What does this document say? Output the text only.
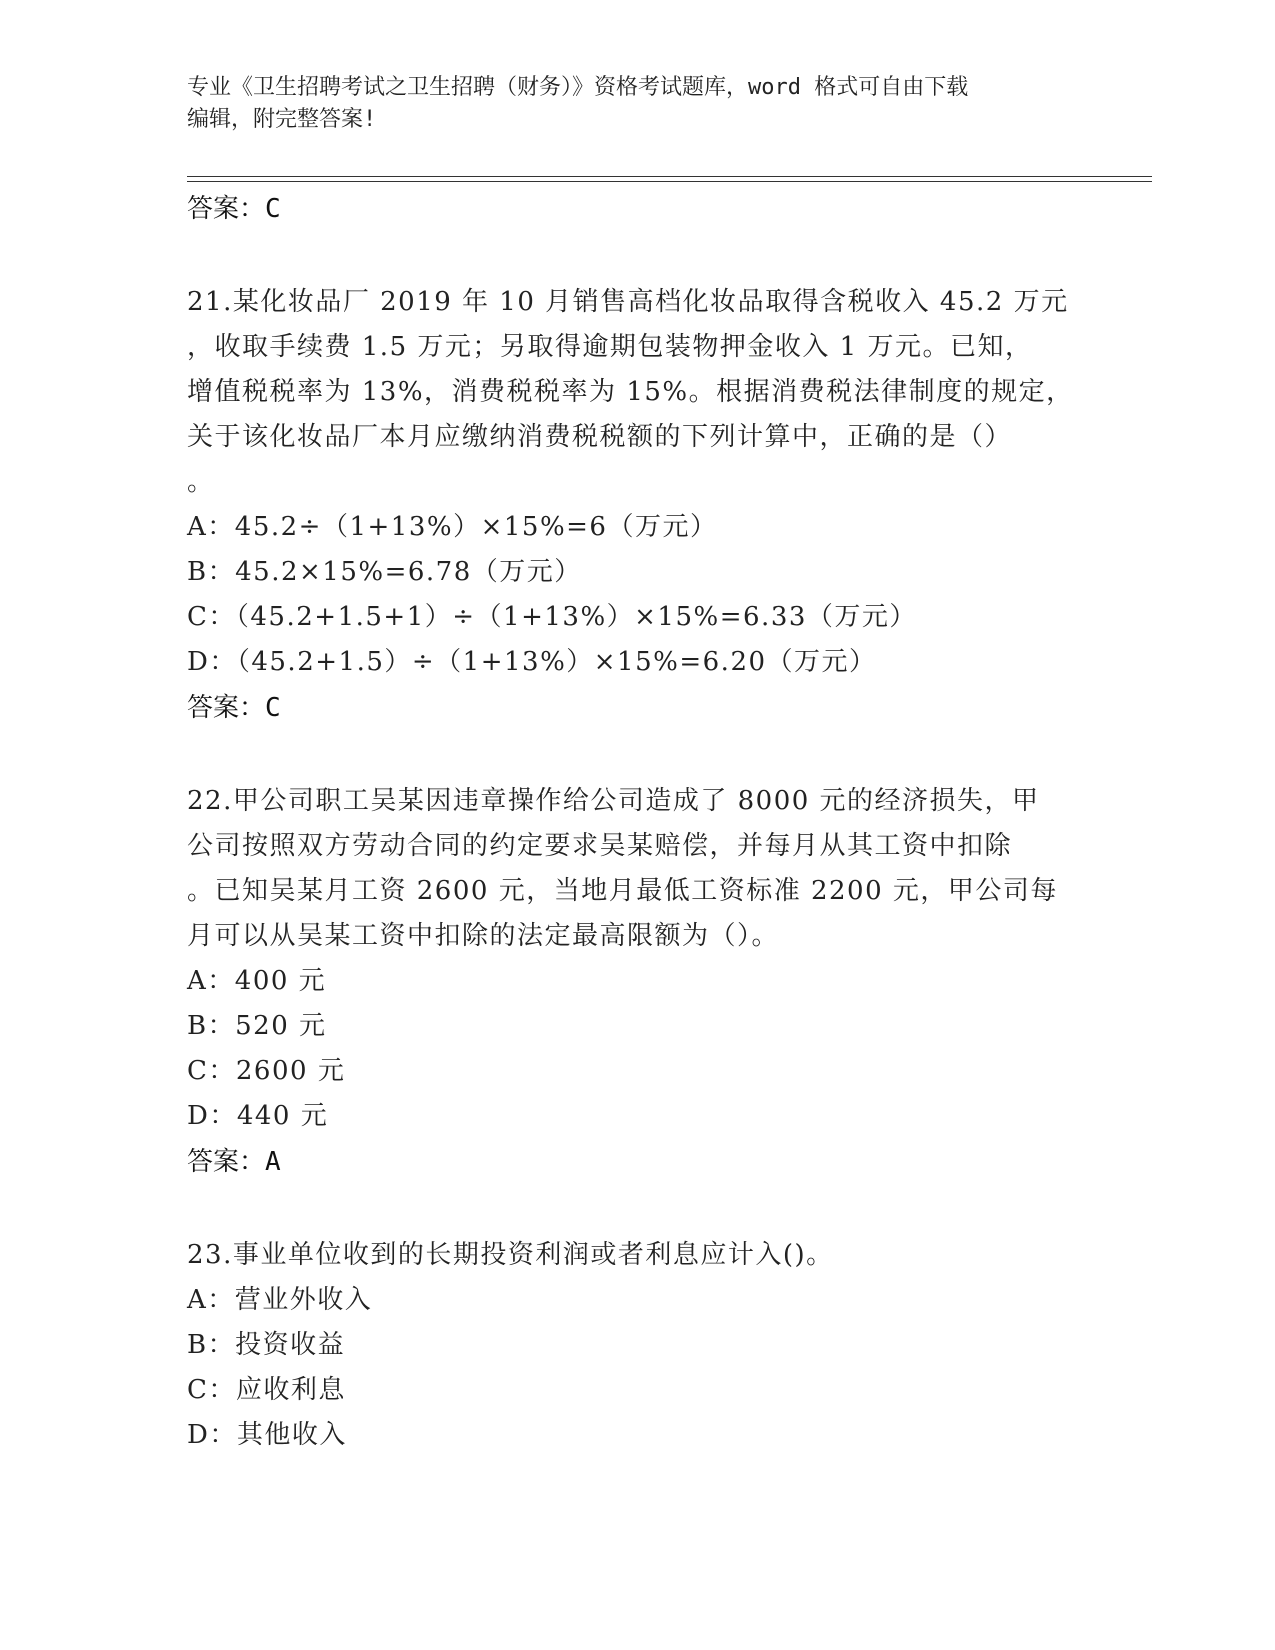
专业《卫生招聘考试之卫生招聘（财务）》资格考试题库，word 格式可自由下载
编辑，附完整答案!
答案：C
21.某化妆品厂 2019 年 10 月销售高档化妆品取得含税收入 45.2 万元
，收取手续费 1.5 万元；另取得逾期包装物押金收入 1 万元。已知，
增值税税率为 13%，消费税税率为 15%。根据消费税法律制度的规定，
关于该化妆品厂本月应缴纳消费税税额的下列计算中，正确的是（）
。
A：45.2÷（1+13%）×15%=6（万元）
B：45.2×15%=6.78（万元）
C：（45.2+1.5+1）÷（1+13%）×15%=6.33（万元）
D：（45.2+1.5）÷（1+13%）×15%=6.20（万元）
答案：C
22.甲公司职工吴某因违章操作给公司造成了 8000 元的经济损失，甲
公司按照双方劳动合同的约定要求吴某赔偿，并每月从其工资中扣除
。已知吴某月工资 2600 元，当地月最低工资标准 2200 元，甲公司每
月可以从吴某工资中扣除的法定最高限额为（）。
A：400 元
B：520 元
C：2600 元
D：440 元
答案：A
23.事业单位收到的长期投资利润或者利息应计入()。
A：营业外收入
B：投资收益
C：应收利息
D：其他收入
